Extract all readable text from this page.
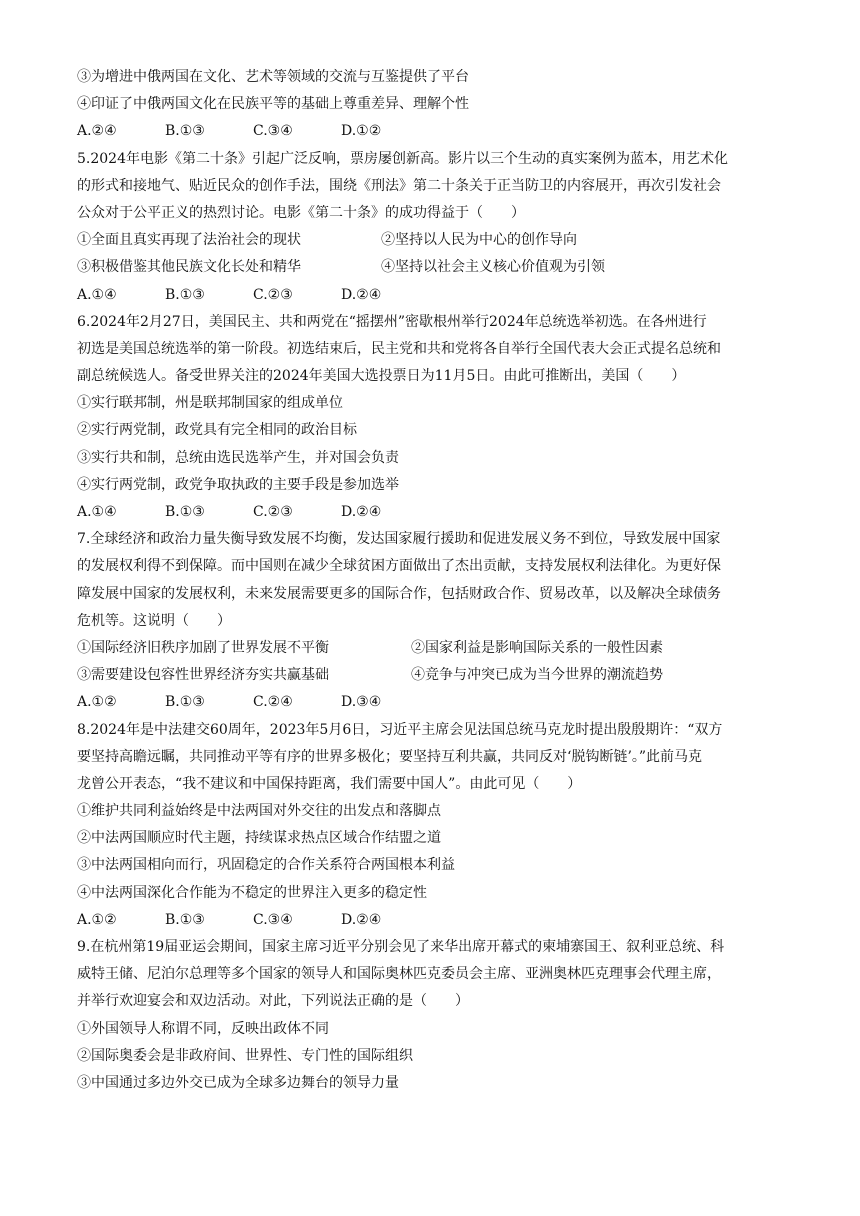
③为增进中俄两国在文化、艺术等领域的交流与互鉴提供了平台
④印证了中俄两国文化在民族平等的基础上尊重差异、理解个性
A.②④	B.①③	C.③④	D.①②
5.2024年电影《第二十条》引起广泛反响，票房屡创新高。影片以三个生动的真实案例为蓝本，用艺术化
的形式和接地气、贴近民众的创作手法，围绕《刑法》第二十条关于正当防卫的内容展开，再次引发社会
公众对于公平正义的热烈讨论。电影《第二十条》的成功得益于（　　）
①全面且真实再现了法治社会的现状	②坚持以人民为中心的创作导向
③积极借鉴其他民族文化长处和精华	④坚持以社会主义核心价值观为引领
A.①④	B.①③	C.②③	D.②④
6.2024年2月27日，美国民主、共和两党在“摇摆州”密歇根州举行2024年总统选举初选。在各州进行
初选是美国总统选举的第一阶段。初选结束后，民主党和共和党将各自举行全国代表大会正式提名总统和
副总统候选人。备受世界关注的2024年美国大选投票日为11月5日。由此可推断出，美国（　　）
①实行联邦制，州是联邦制国家的组成单位
②实行两党制，政党具有完全相同的政治目标
③实行共和制，总统由选民选举产生，并对国会负责
④实行两党制，政党争取执政的主要手段是参加选举
A.①④	B.①③	C.②③	D.②④
7.全球经济和政治力量失衡导致发展不均衡，发达国家履行援助和促进发展义务不到位，导致发展中国家
的发展权利得不到保障。而中国则在减少全球贫困方面做出了杰出贡献，支持发展权利法律化。为更好保
障发展中国家的发展权利，未来发展需要更多的国际合作，包括财政合作、贸易改革，以及解决全球债务
危机等。这说明（　　）
①国际经济旧秩序加剧了世界发展不平衡	②国家利益是影响国际关系的一般性因素
③需要建设包容性世界经济夯实共赢基础	④竞争与冲突已成为当今世界的潮流趋势
A.①②	B.①③	C.②④	D.③④
8.2024年是中法建交60周年，2023年5月6日，习近平主席会见法国总统马克龙时提出殷殷期许：“双方
要坚持高瞻远瞩，共同推动平等有序的世界多极化；要坚持互利共赢，共同反对‘脱钩断链’。”此前马克
龙曾公开表态，“我不建议和中国保持距离，我们需要中国人”。由此可见（　　）
①维护共同利益始终是中法两国对外交往的出发点和落脚点
②中法两国顺应时代主题，持续谋求热点区域合作结盟之道
③中法两国相向而行，巩固稳定的合作关系符合两国根本利益
④中法两国深化合作能为不稳定的世界注入更多的稳定性
A.①②	B.①③	C.③④	D.②④
9.在杭州第19届亚运会期间，国家主席习近平分别会见了来华出席开幕式的柬埔寨国王、叙利亚总统、科
威特王储、尼泊尔总理等多个国家的领导人和国际奥林匹克委员会主席、亚洲奥林匹克理事会代理主席，
并举行欢迎宴会和双边活动。对此，下列说法正确的是（　　）
①外国领导人称谓不同，反映出政体不同
②国际奥委会是非政府间、世界性、专门性的国际组织
③中国通过多边外交已成为全球多边舞台的领导力量
